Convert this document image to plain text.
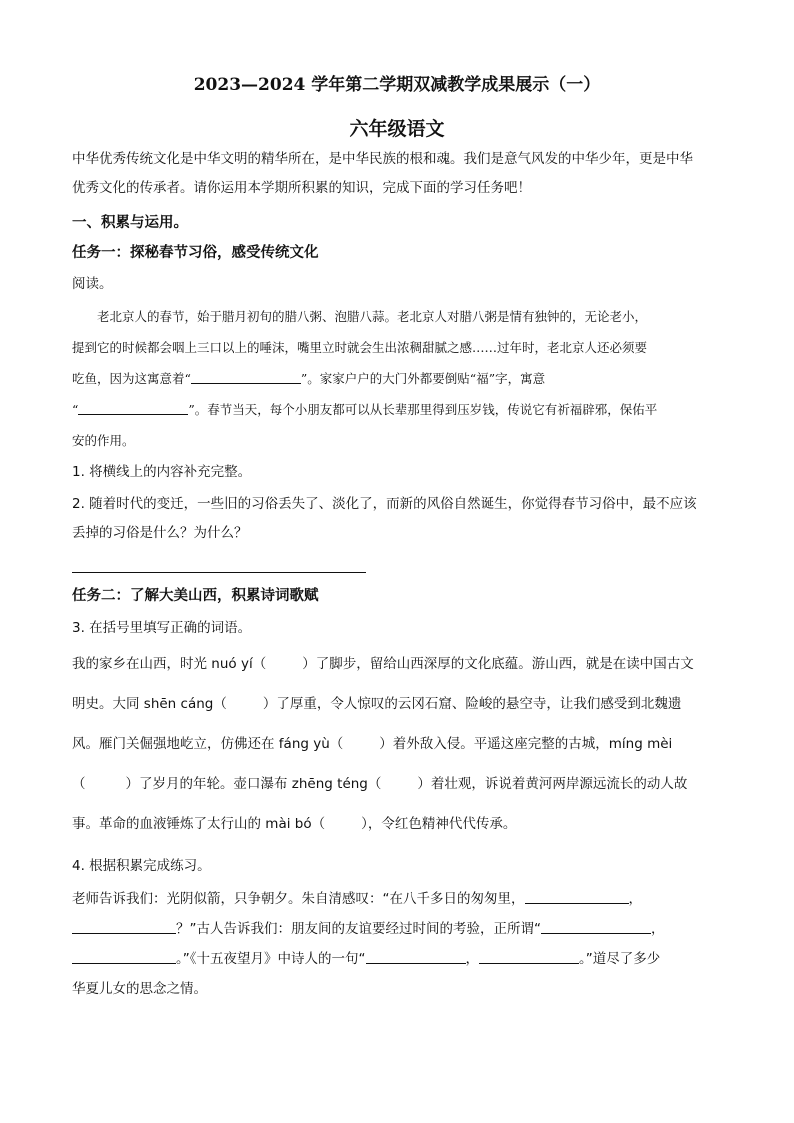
2023—2024 学年第二学期双减教学成果展示（一）
六年级语文
中华优秀传统文化是中华文明的精华所在，是中华民族的根和魂。我们是意气风发的中华少年，更是中华
优秀文化的传承者。请你运用本学期所积累的知识，完成下面的学习任务吧！
一、积累与运用。
任务一：探秘春节习俗，感受传统文化
阅读。
老北京人的春节，始于腊月初旬的腊八粥、泡腊八蒜。老北京人对腊八粥是情有独钟的，无论老小，
提到它的时候都会咽上三口以上的唾沫，嘴里立时就会生出浓稠甜腻之感……过年时，老北京人还必须要
吃鱼，因为这寓意着“	”。家家户户的大门外都要倒贴“福”字，寓意
“	”。春节当天，每个小朋友都可以从长辈那里得到压岁钱，传说它有祈福辟邪，保佑平
安的作用。
1. 将横线上的内容补充完整。
2. 随着时代的变迁，一些旧的习俗丢失了、淡化了，而新的风俗自然诞生，你觉得春节习俗中，最不应该
丢掉的习俗是什么？为什么？
任务二：了解大美山西，积累诗词歌赋
3. 在括号里填写正确的词语。
我的家乡在山西，时光 nuó yí（	）了脚步，留给山西深厚的文化底蕴。游山西，就是在读中国古文
明史。大同 shēn cáng（	）了厚重，令人惊叹的云冈石窟、险峻的悬空寺，让我们感受到北魏遗
风。雁门关倔强地屹立，仿佛还在 fáng yù（	）着外敌入侵。平遥这座完整的古城，míng mèi
（	）了岁月的年轮。壶口瀑布 zhēng téng（	）着壮观，诉说着黄河两岸源远流长的动人故
事。革命的血液锤炼了太行山的 mài bó（	），令红色精神代代传承。
4. 根据积累完成练习。
老师告诉我们：光阴似箭，只争朝夕。朱自清感叹：“在八千多日的匆匆里，	，
？”古人告诉我们：朋友间的友谊要经过时间的考验，正所谓“	，
。”《十五夜望月》中诗人的一句“	，	。”道尽了多少
华夏儿女的思念之情。
